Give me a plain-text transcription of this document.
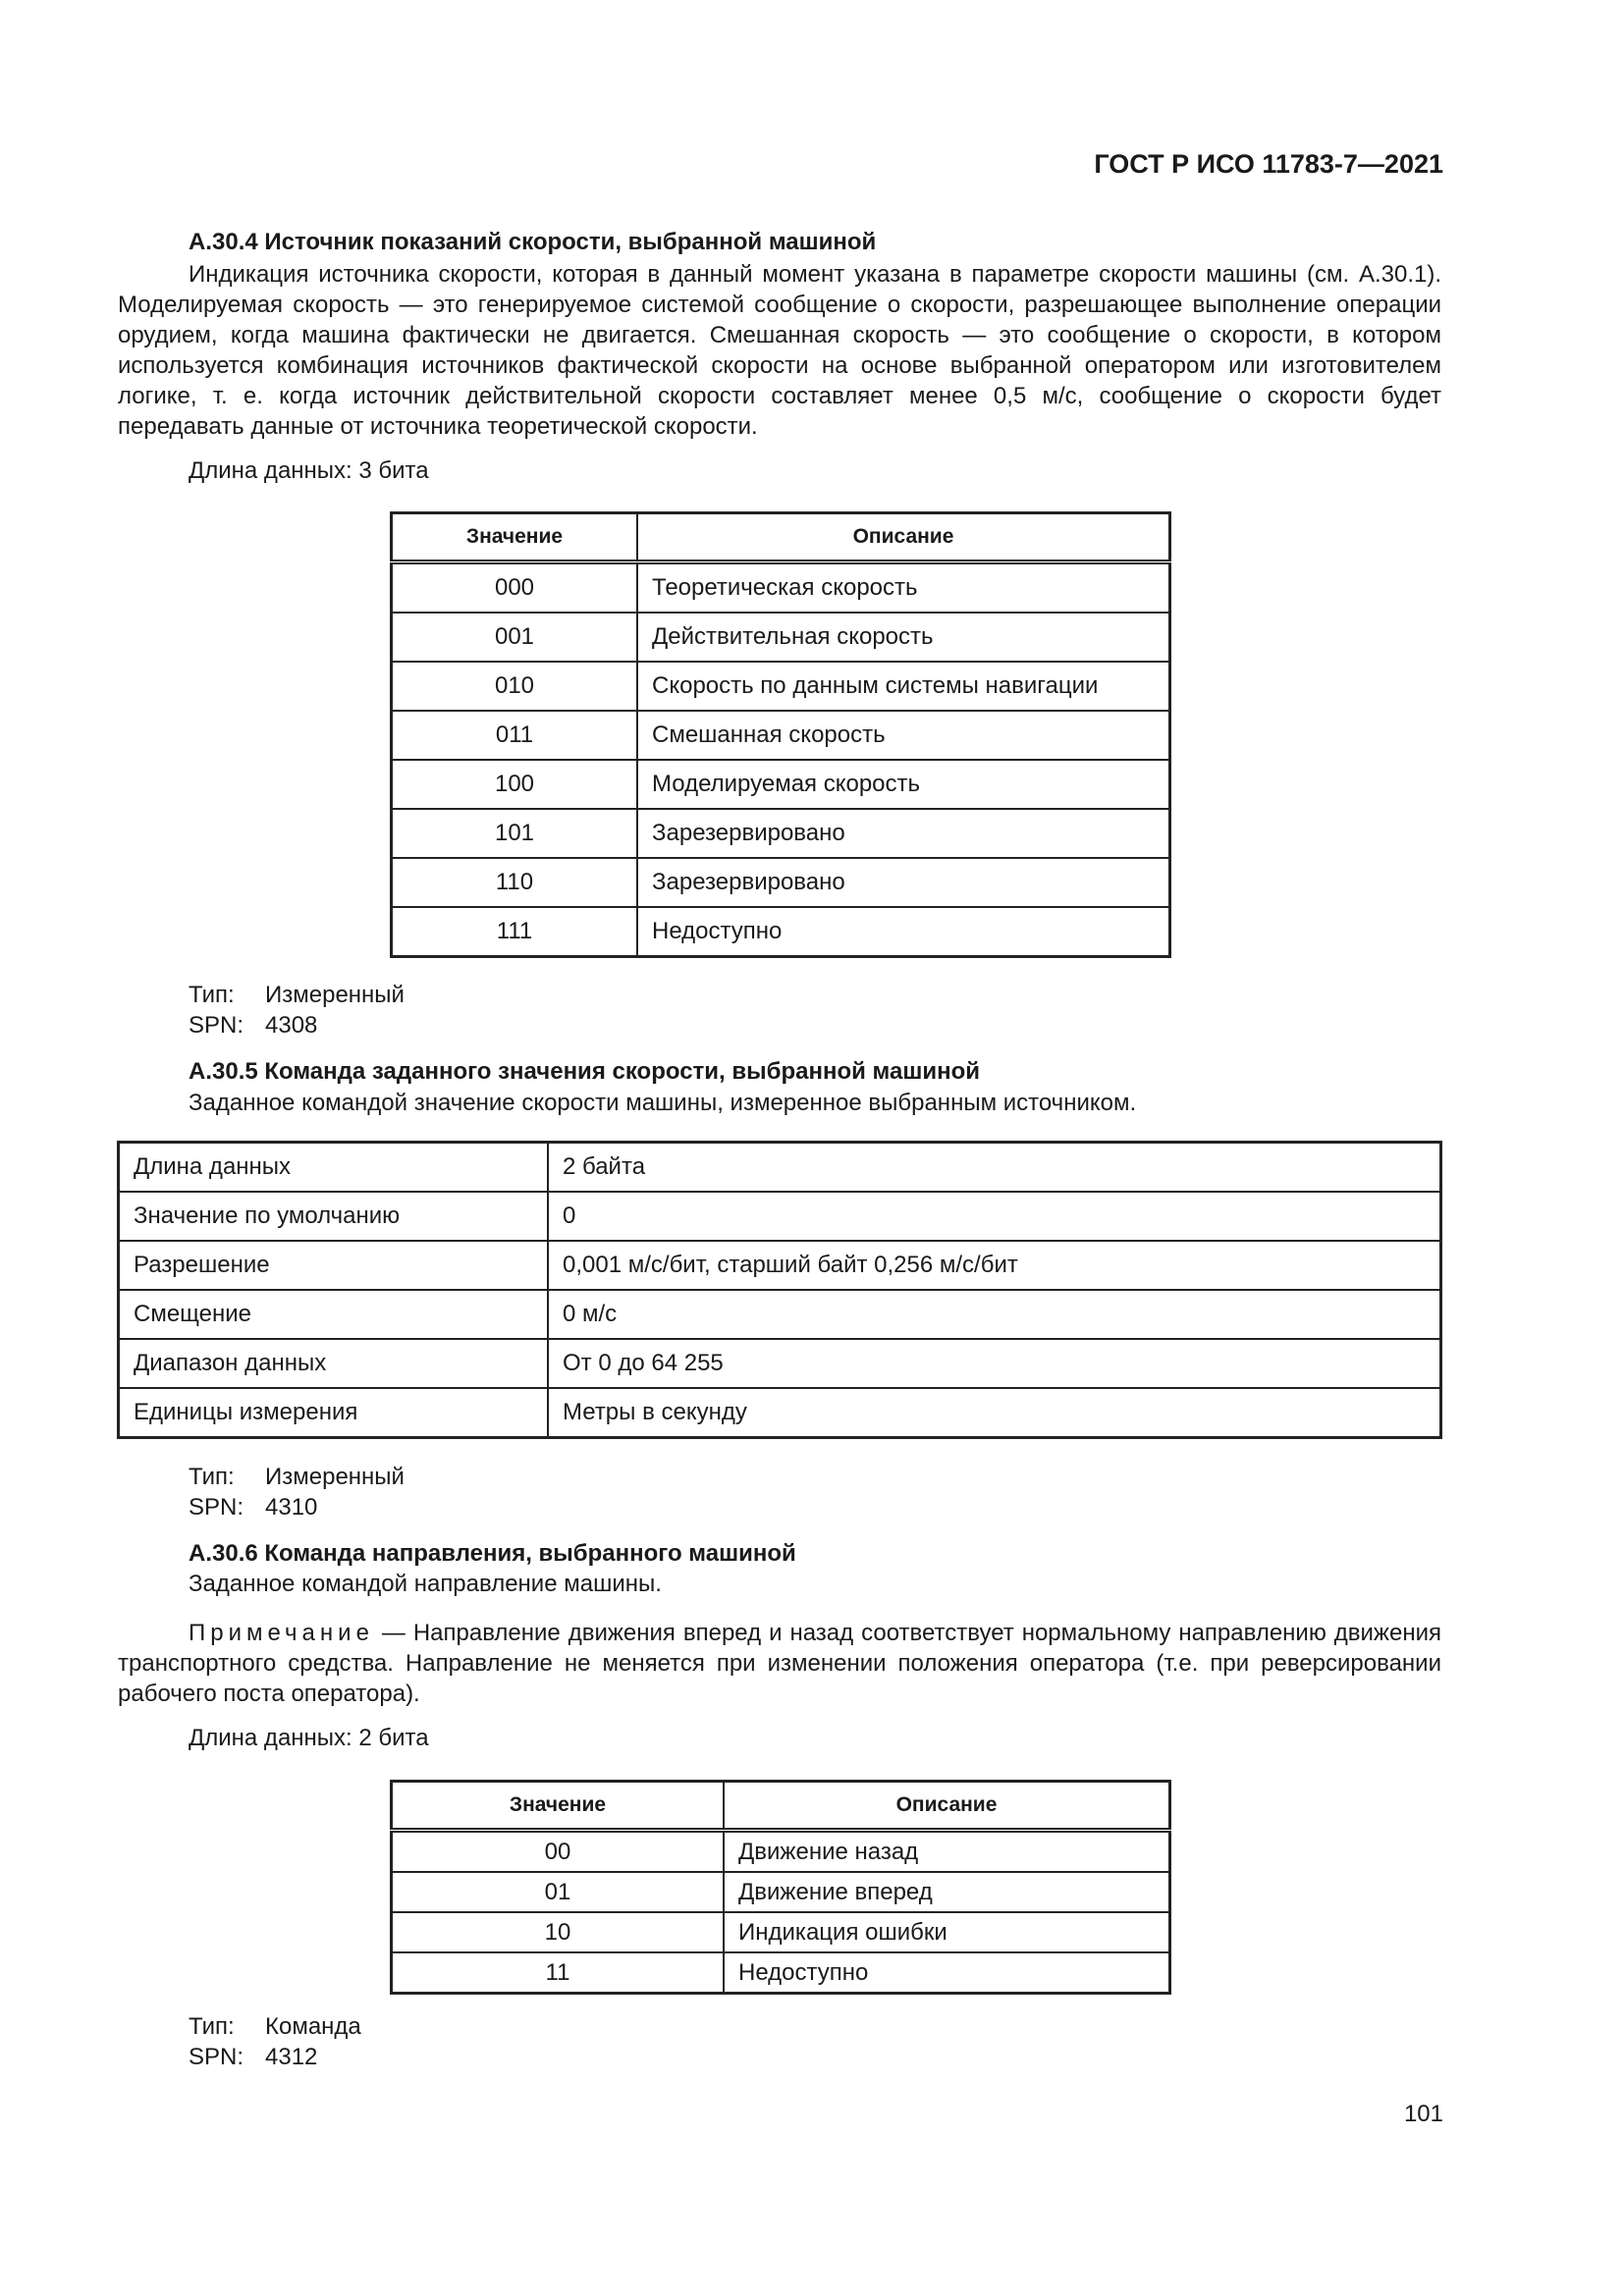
ГОСТ Р ИСО 11783-7—2021
А.30.4 Источник показаний скорости, выбранной машиной
Индикация источника скорости, которая в данный момент указана в параметре скорости машины (см. А.30.1). Моделируемая скорость — это генерируемое системой сообщение о скорости, разрешающее выполнение операции орудием, когда машина фактически не двигается. Смешанная скорость — это сообщение о скорости, в котором используется комбинация источников фактической скорости на основе выбранной оператором или изготовителем логике, т. е. когда источник действительной скорости составляет менее 0,5 м/с, сообщение о скорости будет передавать данные от источника теоретической скорости.
Длина данных: 3 бита
Значение	Описание
000	Теоретическая скорость
001	Действительная скорость
010	Скорость по данным системы навигации
011	Смешанная скорость
100	Моделируемая скорость
101	Зарезервировано
110	Зарезервировано
111	Недоступно
Тип: Измеренный
SPN: 4308
А.30.5 Команда заданного значения скорости, выбранной машиной
Заданное командой значение скорости машины, измеренное выбранным источником.
Длина данных	2 байта
Значение по умолчанию	0
Разрешение	0,001 м/с/бит, старший байт 0,256 м/с/бит
Смещение	0 м/с
Диапазон данных	От 0 до 64 255
Единицы измерения	Метры в секунду
Тип: Измеренный
SPN: 4310
А.30.6 Команда направления, выбранного машиной
Заданное командой направление машины.
Примечание — Направление движения вперед и назад соответствует нормальному направлению движения транспортного средства. Направление не меняется при изменении положения оператора (т.е. при реверсировании рабочего поста оператора).
Длина данных: 2 бита
Значение	Описание
00	Движение назад
01	Движение вперед
10	Индикация ошибки
11	Недоступно
Тип: Команда
SPN: 4312
101
